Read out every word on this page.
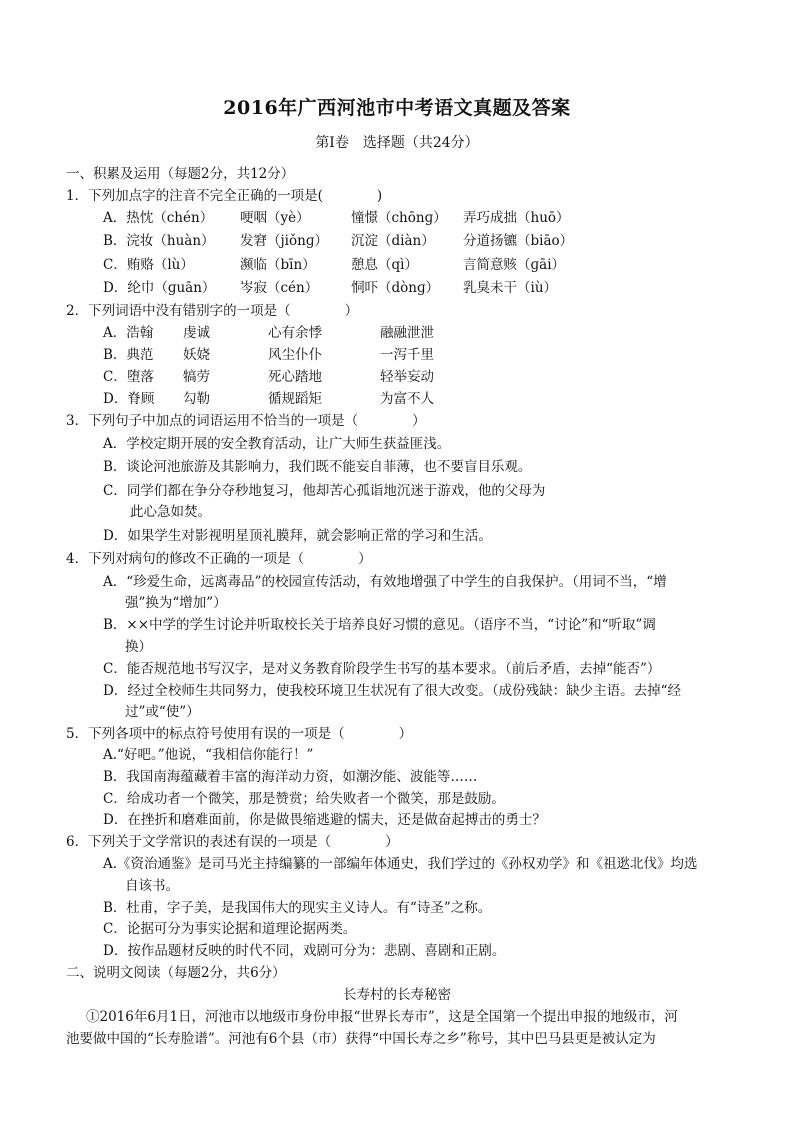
2016年广西河池市中考语文真题及答案
第Ⅰ卷　选择题（共24分）
一、积累及运用（每题2分，共12分）
1．下列加点字的注音不完全正确的一项是(　　　　)
A．热忱（chén） 哽咽（yè）	憧憬（chōnɡ） 弄巧成拙（huō）
B．浣妆（huàn） 发窘（jiǒnɡ） 沉淀（diàn） 分道扬镳（biāo）
C．贿赂（lù）	濒临（bīn）	憩息（qì）	言简意赅（ɡāi）
D．纶巾（ɡuān） 岑寂（cén） 恫吓（dònɡ） 乳臭未干（iù）
2．下列词语中没有错别字的一项是（　　　　）
A．浩翰 虔诚	心有余悸	融融泄泄
B．典范 妖娆	风尘仆仆	一泻千里
C．堕落 犒劳	死心踏地	轻举妄动
D．脊顾 勾勒	循规蹈矩	为富不人
3．下列句子中加点的词语运用不恰当的一项是（　　　　）
A．学校定期开展的安全教育活动，让广大师生获益匪浅。
B．谈论河池旅游及其影响力，我们既不能妄自菲薄，也不要盲目乐观。
C．同学们都在争分夺秒地复习，他却苦心孤诣地沉迷于游戏，他的父母为
此心急如焚。
D．如果学生对影视明星顶礼膜拜，就会影响正常的学习和生活。
4．下列对病句的修改不正确的一项是（　　　　）
A．“珍爱生命，远离毒品”的校园宣传活动，有效地增强了中学生的自我保护。（用词不当，“增
强”换为“增加”）
B．××中学的学生讨论并听取校长关于培养良好习惯的意见。（语序不当，“讨论”和“听取”调
换）
C．能否规范地书写汉字，是对义务教育阶段学生书写的基本要求。（前后矛盾，去掉“能否”）
D．经过全校师生共同努力，使我校环境卫生状况有了很大改变。（成份残缺：缺少主语。去掉“经
过”或“使”）
5．下列各项中的标点符号使用有误的一项是（　　　　）
A.“好吧。”他说，“我相信你能行！”
B．我国南海蕴藏着丰富的海洋动力资，如潮汐能、波能等……
C．给成功者一个微笑，那是赞赏；给失败者一个微笑，那是鼓励。
D．在挫折和磨难面前，你是做畏缩逃避的懦夫，还是做奋起搏击的勇士？
6．下列关于文学常识的表述有误的一项是（　　　　）
A.《资治通鉴》是司马光主持编纂的一部编年体通史，我们学过的《孙权劝学》和《祖逖北伐》均选
自该书。
B．杜甫，字子美，是我国伟大的现实主义诗人。有“诗圣”之称。
C．论据可分为事实论据和道理论据两类。
D．按作品题材反映的时代不同，戏剧可分为：悲剧、喜剧和正剧。
二、说明文阅读（每题2分，共6分）
长寿村的长寿秘密
①2016年6月1日，河池市以地级市身份申报“世界长寿市”，这是全国第一个提出申报的地级市，河
池要做中国的“长寿脸谱”。河池有6个县（市）获得“中国长寿之乡”称号，其中巴马县更是被认定为
